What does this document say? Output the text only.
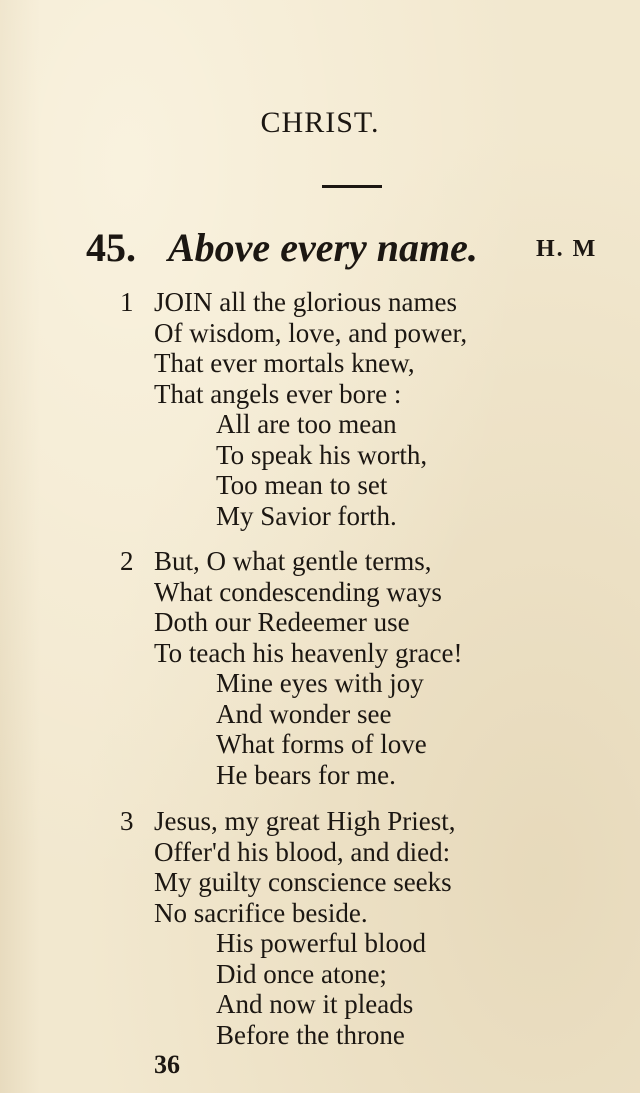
CHRIST.
45. Above every name. H. M
1 JOIN all the glorious names
Of wisdom, love, and power,
That ever mortals knew,
That angels ever bore :
All are too mean
To speak his worth,
Too mean to set
My Savior forth.
2 But, O what gentle terms,
What condescending ways
Doth our Redeemer use
To teach his heavenly grace!
Mine eyes with joy
And wonder see
What forms of love
He bears for me.
3 Jesus, my great High Priest,
Offer'd his blood, and died:
My guilty conscience seeks
No sacrifice beside.
His powerful blood
Did once atone;
And now it pleads
Before the throne
36
